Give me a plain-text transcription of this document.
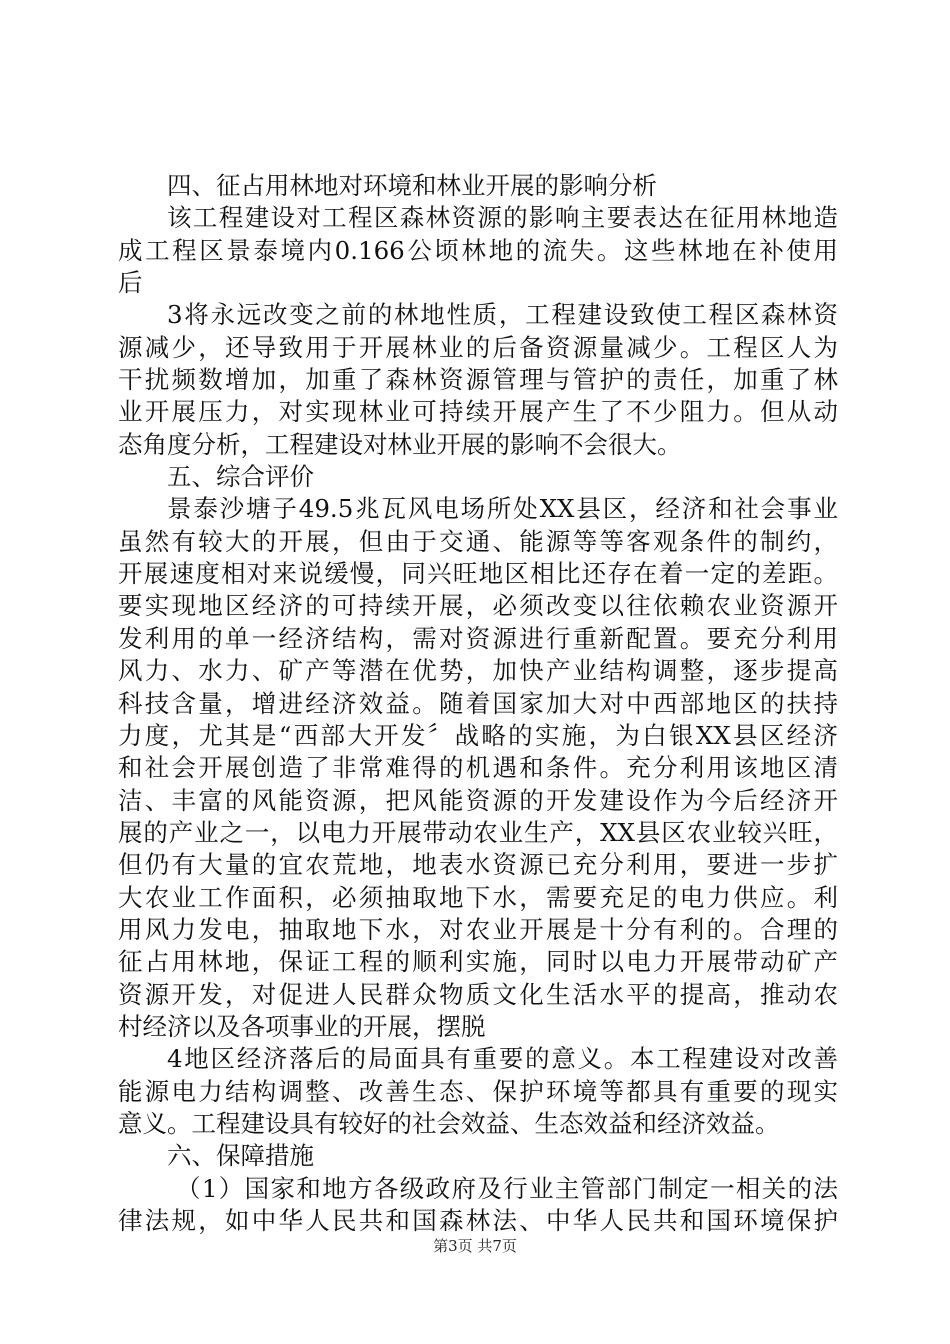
四、征占用林地对环境和林业开展的影响分析
该工程建设对工程区森林资源的影响主要表达在征用林地造
成工程区景泰境内0.166公顷林地的流失。这些林地在补使用
后
3将永远改变之前的林地性质，工程建设致使工程区森林资
源减少，还导致用于开展林业的后备资源量减少。工程区人为
干扰频数增加，加重了森林资源管理与管护的责任，加重了林
业开展压力，对实现林业可持续开展产生了不少阻力。但从动
态角度分析，工程建设对林业开展的影响不会很大。
五、综合评价
景泰沙塘子49.5兆瓦风电场所处XX县区，经济和社会事业
虽然有较大的开展，但由于交通、能源等等客观条件的制约，
开展速度相对来说缓慢，同兴旺地区相比还存在着一定的差距。
要实现地区经济的可持续开展，必须改变以往依赖农业资源开
发利用的单一经济结构，需对资源进行重新配置。要充分利用
风力、水力、矿产等潜在优势，加快产业结构调整，逐步提高
科技含量，增进经济效益。随着国家加大对中西部地区的扶持
力度，尤其是“西部大开发〞战略的实施，为白银XX县区经济
和社会开展创造了非常难得的机遇和条件。充分利用该地区清
洁、丰富的风能资源，把风能资源的开发建设作为今后经济开
展的产业之一，以电力开展带动农业生产，XX县区农业较兴旺，
但仍有大量的宜农荒地，地表水资源已充分利用，要进一步扩
大农业工作面积，必须抽取地下水，需要充足的电力供应。利
用风力发电，抽取地下水，对农业开展是十分有利的。合理的
征占用林地，保证工程的顺利实施，同时以电力开展带动矿产
资源开发，对促进人民群众物质文化生活水平的提高，推动农
村经济以及各项事业的开展，摆脱
4地区经济落后的局面具有重要的意义。本工程建设对改善
能源电力结构调整、改善生态、保护环境等都具有重要的现实
意义。工程建设具有较好的社会效益、生态效益和经济效益。
六、保障措施
（1）国家和地方各级政府及行业主管部门制定一相关的法
律法规，如中华人民共和国森林法、中华人民共和国环境保护
第3页 共7页
